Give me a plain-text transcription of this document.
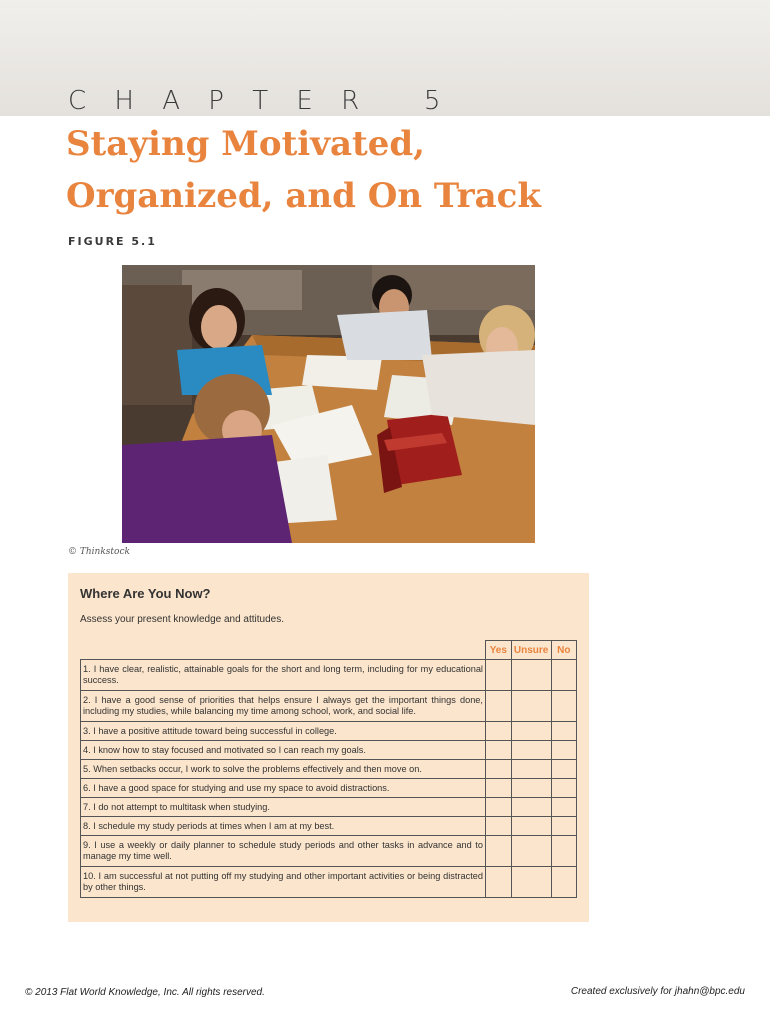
C H A P T E R   5
Staying Motivated,
Organized, and On Track
FIGURE 5.1
© Thinkstock
Where Are You Now?
Assess your present knowledge and attitudes.
	Yes	Unsure	No
1. I have clear, realistic, attainable goals for the short and long term, including for my educational success.			
2. I have a good sense of priorities that helps ensure I always get the important things done, including my studies, while balancing my time among school, work, and social life.			
3. I have a positive attitude toward being successful in college.			
4. I know how to stay focused and motivated so I can reach my goals.			
5. When setbacks occur, I work to solve the problems effectively and then move on.			
6. I have a good space for studying and use my space to avoid distractions.			
7. I do not attempt to multitask when studying.			
8. I schedule my study periods at times when I am at my best.			
9. I use a weekly or daily planner to schedule study periods and other tasks in advance and to manage my time well.			
10. I am successful at not putting off my studying and other important activities or being distracted by other things.			
© 2013 Flat World Knowledge, Inc. All rights reserved.	Created exclusively for jhahn@bpc.edu
